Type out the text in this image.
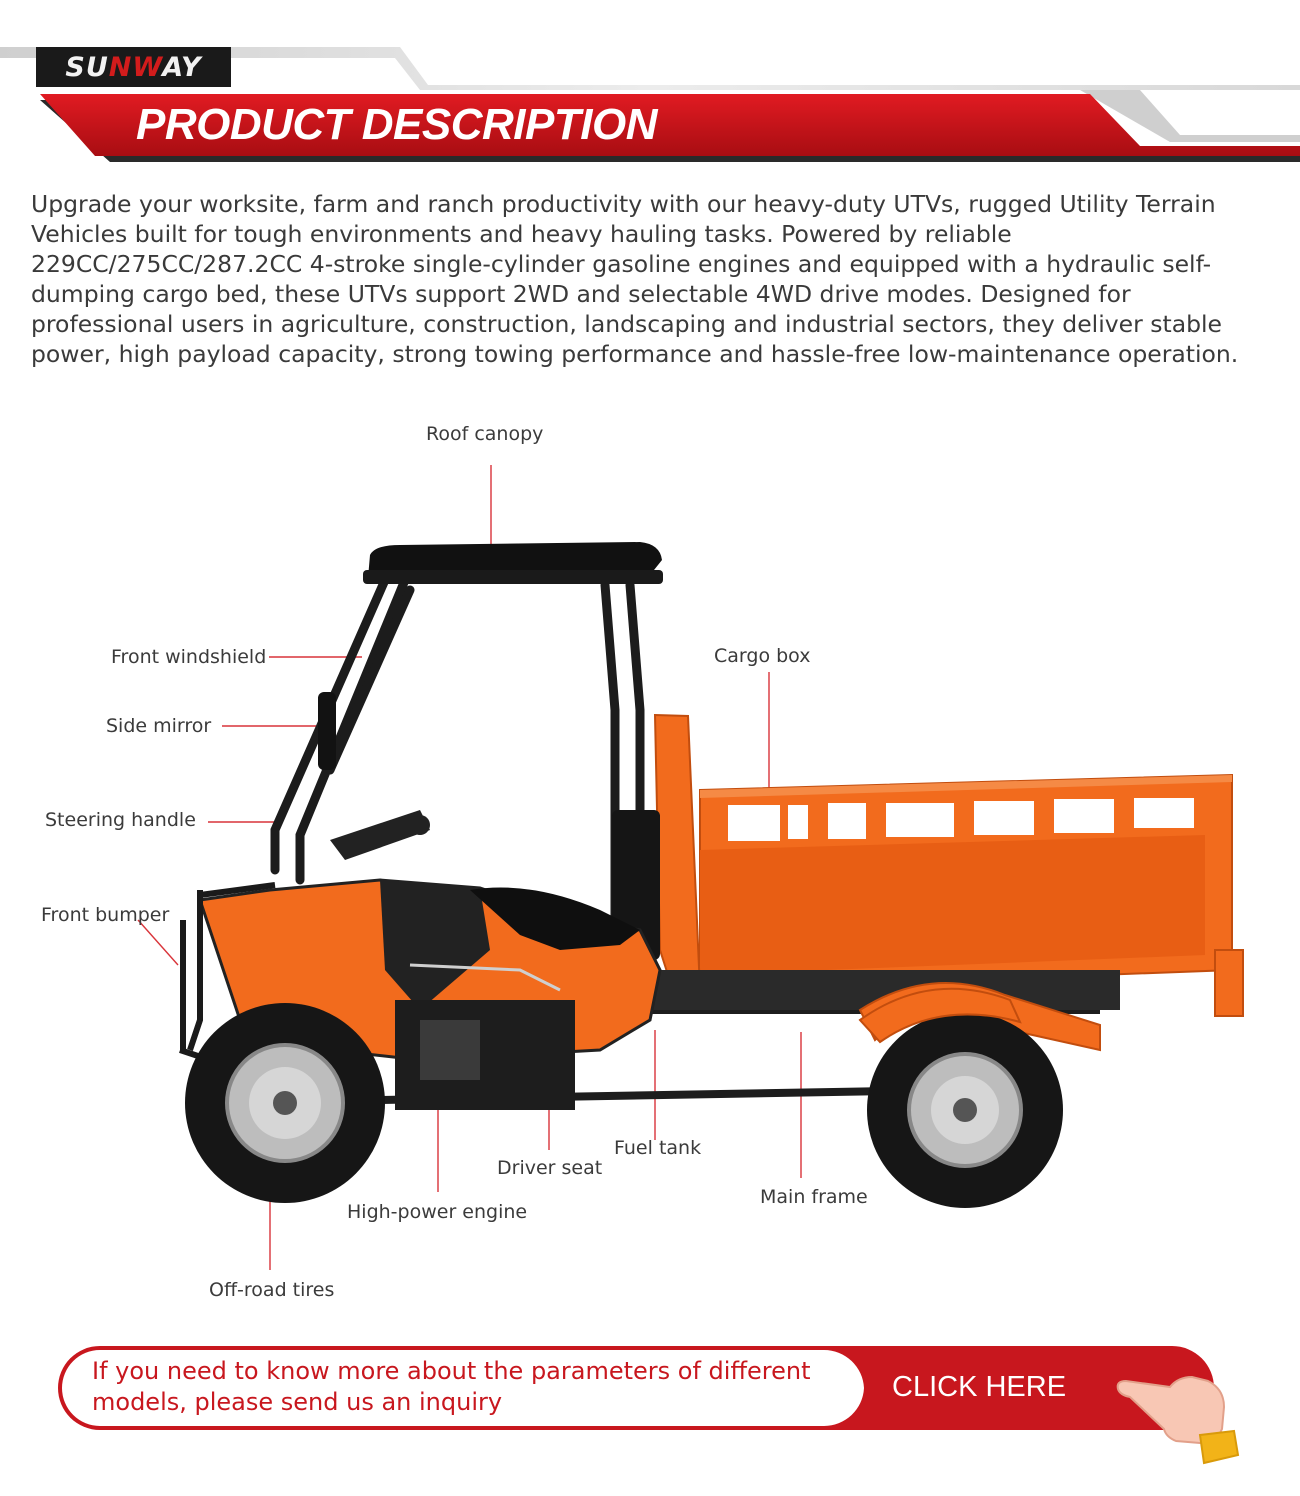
SUNWAY
PRODUCT DESCRIPTION

Upgrade your worksite, farm and ranch productivity with our heavy-duty UTVs, rugged Utility Terrain Vehicles built for tough environments and heavy hauling tasks. Powered by reliable 229CC/275CC/287.2CC 4-stroke single-cylinder gasoline engines and equipped with a hydraulic self-dumping cargo bed, these UTVs support 2WD and selectable 4WD drive modes. Designed for professional users in agriculture, construction, landscaping and industrial sectors, they deliver stable power, high payload capacity, strong towing performance and hassle-free low-maintenance operation.

Roof canopy
Front windshield
Side mirror
Steering handle
Front bumper
Cargo box
Fuel tank
Driver seat
High-power engine
Main frame
Off-road tires

If you need to know more about the parameters of different models, please send us an inquiry	CLICK HERE
